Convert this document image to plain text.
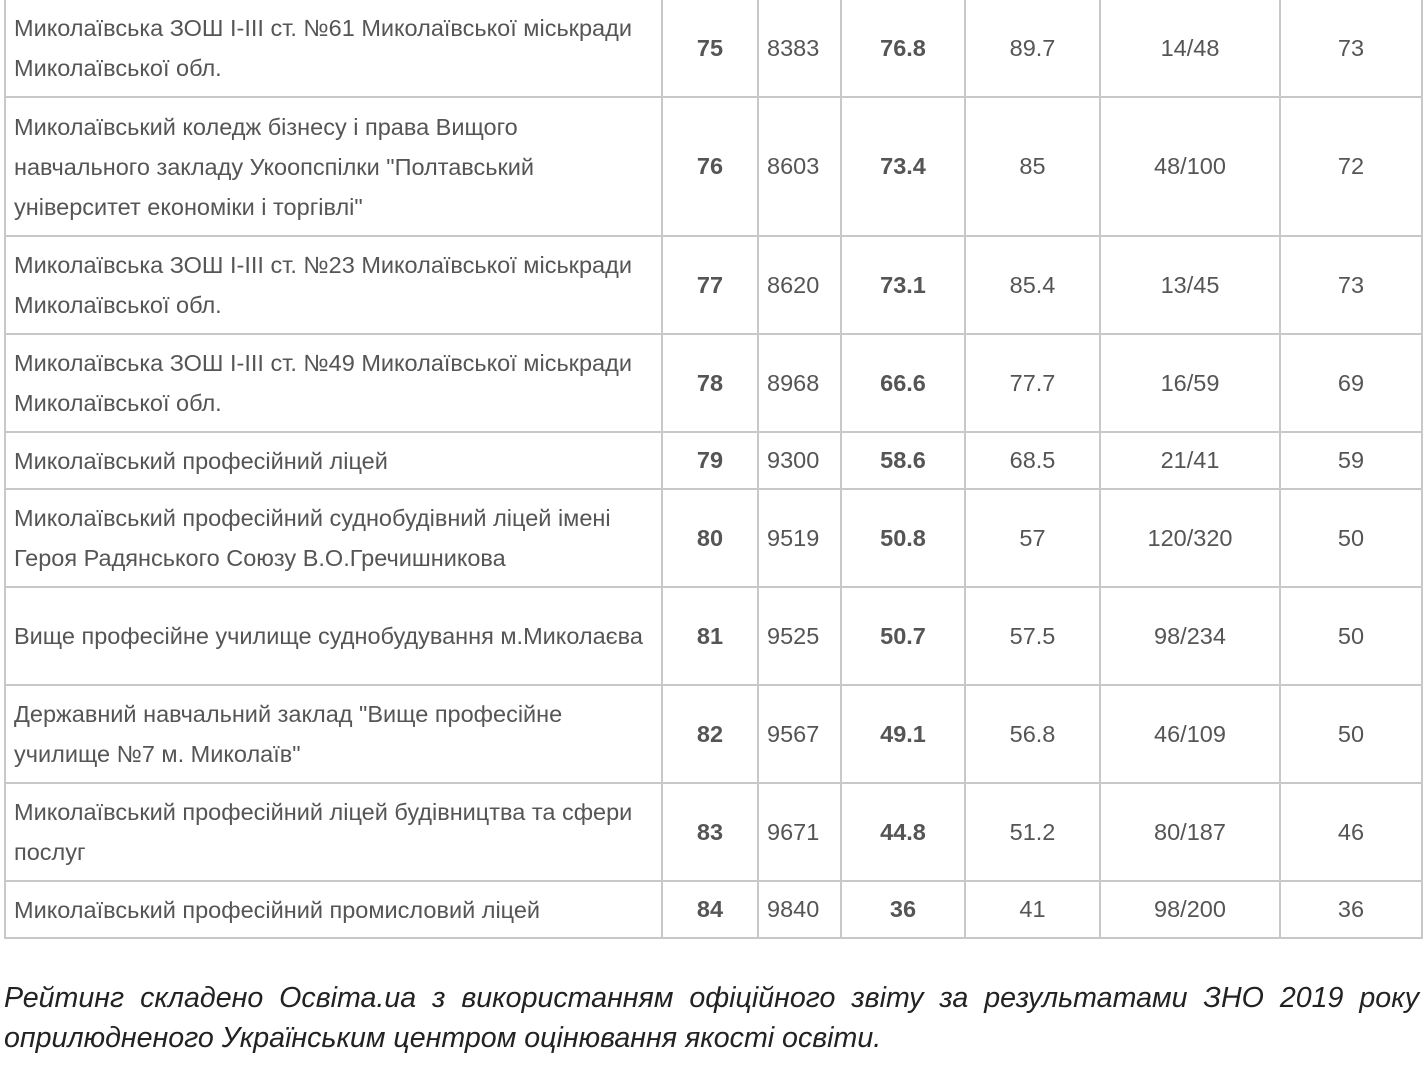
Миколаївська ЗОШ I-III ст. №61 Миколаївської міськради Миколаївської обл.	75	8383	76.8	89.7	14/48	73
Миколаївський коледж бізнесу і права Вищого навчального закладу Укоопспілки "Полтавський університет економіки і торгівлі"	76	8603	73.4	85	48/100	72
Миколаївська ЗОШ I-III ст. №23 Миколаївської міськради Миколаївської обл.	77	8620	73.1	85.4	13/45	73
Миколаївська ЗОШ I-III ст. №49 Миколаївської міськради Миколаївської обл.	78	8968	66.6	77.7	16/59	69
Миколаївський професійний ліцей	79	9300	58.6	68.5	21/41	59
Миколаївський професійний суднобудівний ліцей імені Героя Радянського Союзу В.О.Гречишникова	80	9519	50.8	57	120/320	50
Вище професійне училище суднобудування м.Миколаєва	81	9525	50.7	57.5	98/234	50
Державний навчальний заклад "Вище професійне училище №7 м. Миколаїв"	82	9567	49.1	56.8	46/109	50
Миколаївський професійний ліцей будівництва та сфери послуг	83	9671	44.8	51.2	80/187	46
Миколаївський професійний промисловий ліцей	84	9840	36	41	98/200	36

Рейтинг складено Освіта.ua з використанням офіційного звіту за результатами ЗНО 2019 року оприлюдненого Українським центром оцінювання якості освіти.
